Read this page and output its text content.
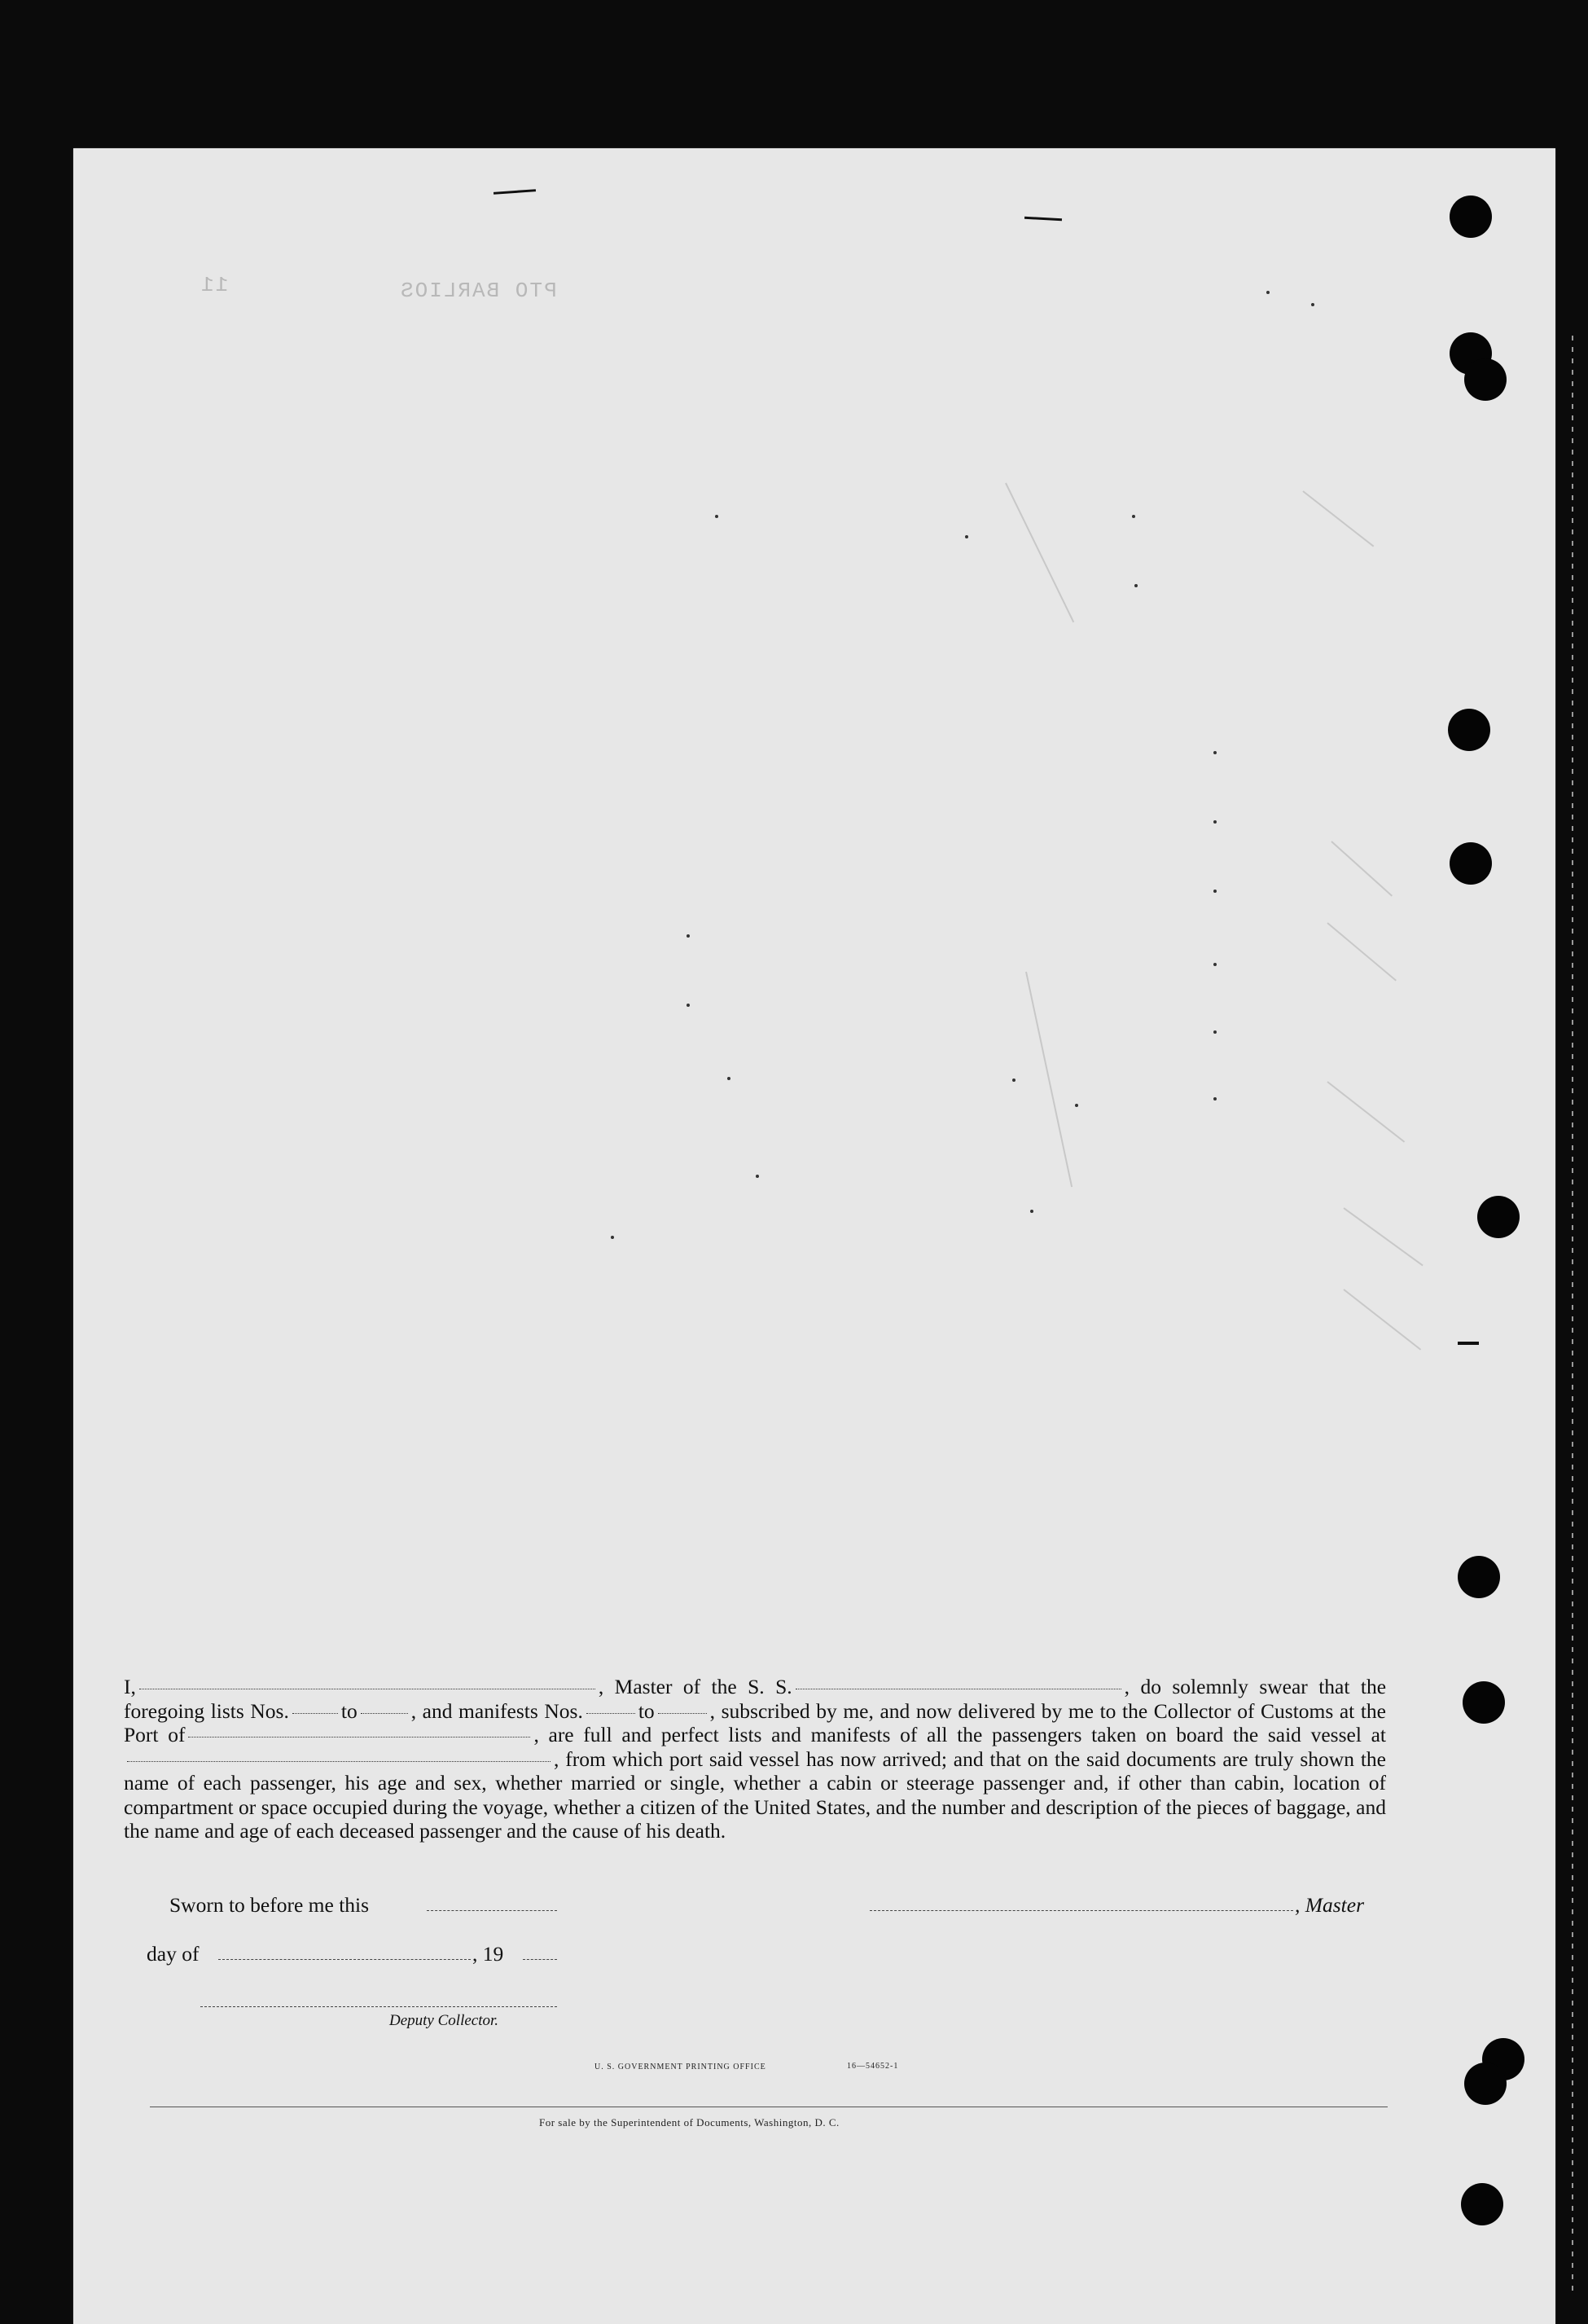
PTO BARLIOS
11
I,	, Master of the S. S.	, do solemnly swear that the foregoing lists Nos.	to	, and manifests Nos.	to	, subscribed by me, and now delivered by me to the Collector of Customs at the Port of	, are full and perfect lists and manifests of all the passengers taken on board the said vessel at, from which port said vessel has now arrived; and that on the said documents are truly shown the name of each passenger, his age and sex, whether married or single, whether a cabin or steerage passenger and, if other than cabin, location of compartment or space occupied during the voyage, whether a citizen of the United States, and the number and description of the pieces of baggage, and the name and age of each deceased passenger and the cause of his death.
Sworn to before me this	, Master
day of	, 19
Deputy Collector.
U. S. GOVERNMENT PRINTING OFFICE	16—54652-1
For sale by the Superintendent of Documents, Washington, D. C.
